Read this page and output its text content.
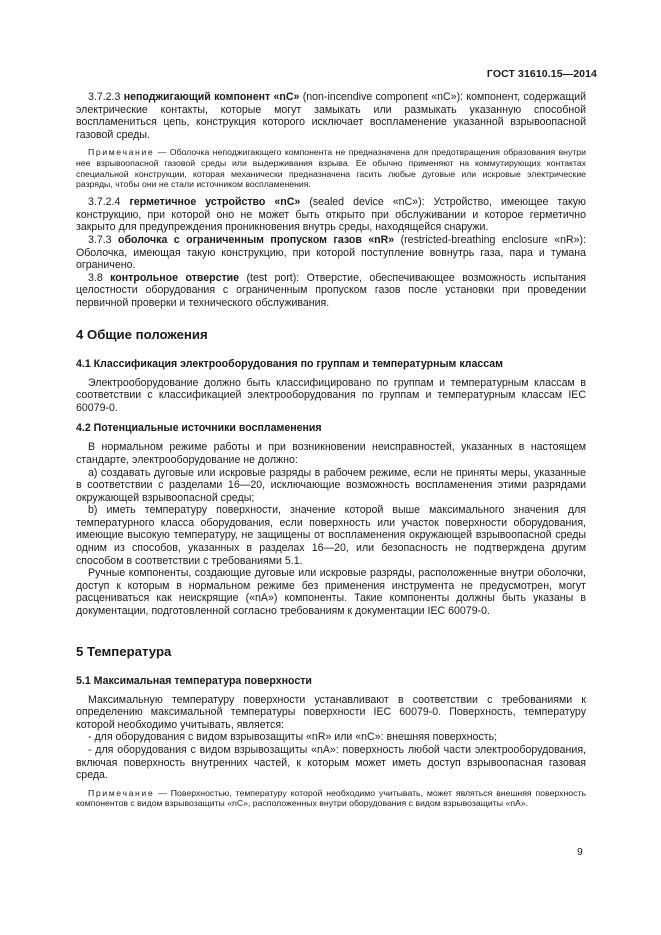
ГОСТ 31610.15—2014

3.7.2.3 неподжигающий компонент «nC» (non-incendive component «nC»): компонент, содержащий электрические контакты, которые могут замыкать или размыкать указанную способной воспламениться цепь, конструкция которого исключает воспламенение указанной взрывоопасной газовой среды.

Примечание — Оболочка неподжигающего компонента не предназначена для предотвращения образования внутри нее взрывоопасной газовой среды или выдерживания взрыва. Ее обычно применяют на коммутирующих контактах специальной конструкции, которая механически предназначена гасить любые дуговые или искровые электрические разряды, чтобы они не стали источником воспламенения.

3.7.2.4 герметичное устройство «nC» (sealed device «nC»): Устройство, имеющее такую конструкцию, при которой оно не может быть открыто при обслуживании и которое герметично закрыто для предупреждения проникновения внутрь среды, находящейся снаружи.

3.7.3 оболочка с ограниченным пропуском газов «nR» (restricted-breathing enclosure «nR»): Оболочка, имеющая такую конструкцию, при которой поступление вовнутрь газа, пара и тумана ограничено.

3.8 контрольное отверстие (test port): Отверстие, обеспечивающее возможность испытания целостности оборудования с ограниченным пропуском газов после установки при проведении первичной проверки и технического обслуживания.

4 Общие положения
4.1 Классификация электрооборудования по группам и температурным классам

Электрооборудование должно быть классифицировано по группам и температурным классам в соответствии с классификацией электрооборудования по группам и температурным классам IEC 60079-0.

4.2 Потенциальные источники воспламенения

В нормальном режиме работы и при возникновении неисправностей, указанных в настоящем стандарте, электрооборудование не должно:

а) создавать дуговые или искровые разряды в рабочем режиме, если не приняты меры, указанные в соответствии с разделами 16—20, исключающие возможность воспламенения этими разрядами окружающей взрывоопасной среды;

b) иметь температуру поверхности, значение которой выше максимального значения для температурного класса оборудования, если поверхность или участок поверхности оборудования, имеющие высокую температуру, не защищены от воспламенения окружающей взрывоопасной среды одним из способов, указанных в разделах 16—20, или безопасность не подтверждена другим способом в соответствии с требованиями 5.1.

Ручные компоненты, создающие дуговые или искровые разряды, расположенные внутри оболочки, доступ к которым в нормальном режиме без применения инструмента не предусмотрен, могут расцениваться как неискрящие («nA») компоненты. Такие компоненты должны быть указаны в документации, подготовленной согласно требованиям к документации IEC 60079-0.

5 Температура
5.1 Максимальная температура поверхности

Максимальную температуру поверхности устанавливают в соответствии с требованиями к определению максимальной температуры поверхности IEC 60079-0. Поверхность, температуру которой необходимо учитывать, является:

- для оборудования с видом взрывозащиты «nR» или «nC»: внешняя поверхность;

- для оборудования с видом взрывозащиты «nA»: поверхность любой части электрооборудования, включая поверхность внутренних частей, к которым может иметь доступ взрывоопасная газовая среда.

Примечание — Поверхностью, температуру которой необходимо учитывать, может являться внешняя поверхность компонентов с видом взрывозащиты «nC», расположенных внутри оборудования с видом взрывозащиты «nA».

9
